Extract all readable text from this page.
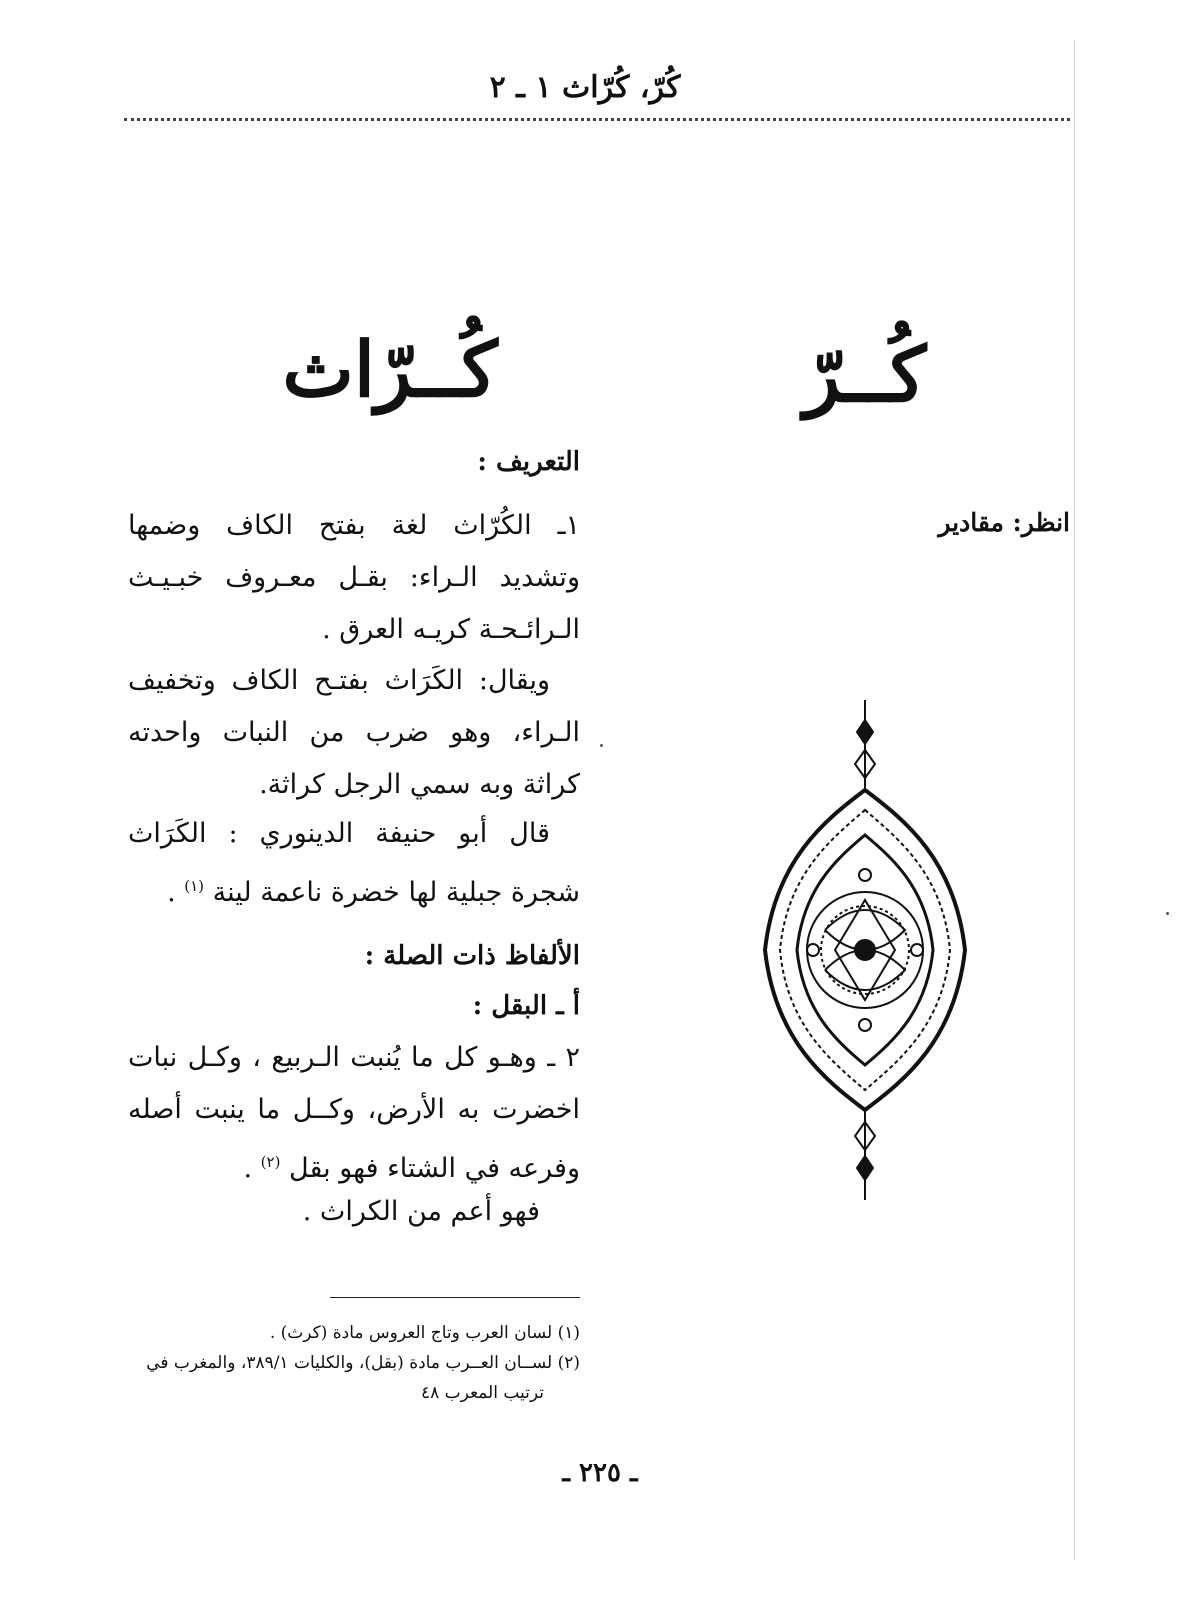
كُرّ، كُرّاث ١ ـ ٢
كُــرّ
انظر: مقادير
كُــرّاث
التعريف :
١ـ الكُرّاث لغة بفتح الكاف وضمها وتشديد الـراء: بقـل معـروف خبـيـث الـرائـحـة كريـه العرق .
ويقال: الكَرَاث بفتـح الكاف وتخفيف الـراء، وهو ضرب من النبات واحدته كراثة وبه سمي الرجل كراثة.
قال أبو حنيفة الدينوري : الكَرَاث شجرة جبلية لها خضرة ناعمة لينة $^{(١)}$ .
الألفاظ ذات الصلة :
أ ـ البقل :
٢ ـ وهـو كل ما يُنبت الـربيع ، وكـل نبات اخضرت به الأرض، وكــل ما ينبت أصله وفرعه في الشتاء فهو بقل $^{(٢)}$ .
فهو أعم من الكراث .
(١) لسان العرب وتاج العروس مادة (كرث) .
(٢) لســان العــرب مادة (بقل)، والكليات ٣٨٩/١، والمغرب في
ترتيب المعرب ٤٨
ـ ٢٢٥ ـ
